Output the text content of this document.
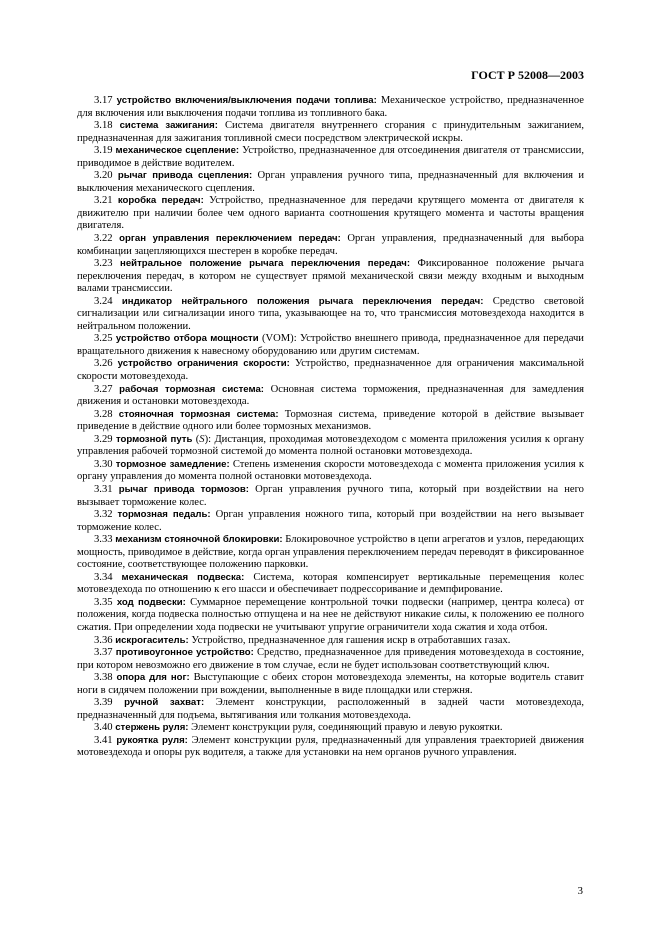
ГОСТ Р 52008—2003

3.17 устройство включения/выключения подачи топлива: Механическое устройство, предназначенное для включения или выключения подачи топлива из топливного бака.

3.18 система зажигания: Система двигателя внутреннего сгорания с принудительным зажиганием, предназначенная для зажигания топливной смеси посредством электрической искры.

3.19 механическое сцепление: Устройство, предназначенное для отсоединения двигателя от трансмиссии, приводимое в действие водителем.

3.20 рычаг привода сцепления: Орган управления ручного типа, предназначенный для включения и выключения механического сцепления.

3.21 коробка передач: Устройство, предназначенное для передачи крутящего момента от двигателя к движителю при наличии более чем одного варианта соотношения крутящего момента и частоты вращения двигателя.

3.22 орган управления переключением передач: Орган управления, предназначенный для выбора комбинации зацепляющихся шестерен в коробке передач.

3.23 нейтральное положение рычага переключения передач: Фиксированное положение рычага переключения передач, в котором не существует прямой механической связи между входным и выходным валами трансмиссии.

3.24 индикатор нейтрального положения рычага переключения передач: Средство световой сигнализации или сигнализации иного типа, указывающее на то, что трансмиссия мотовездехода находится в нейтральном положении.

3.25 устройство отбора мощности (VOM): Устройство внешнего привода, предназначенное для передачи вращательного движения к навесному оборудованию или другим системам.

3.26 устройство ограничения скорости: Устройство, предназначенное для ограничения максимальной скорости мотовездехода.

3.27 рабочая тормозная система: Основная система торможения, предназначенная для замедления движения и остановки мотовездехода.

3.28 стояночная тормозная система: Тормозная система, приведение которой в действие вызывает приведение в действие одного или более тормозных механизмов.

3.29 тормозной путь (S): Дистанция, проходимая мотовездеходом с момента приложения усилия к органу управления рабочей тормозной системой до момента полной остановки мотовездехода.

3.30 тормозное замедление: Степень изменения скорости мотовездехода с момента приложения усилия к органу управления до момента полной остановки мотовездехода.

3.31 рычаг привода тормозов: Орган управления ручного типа, который при воздействии на него вызывает торможение колес.

3.32 тормозная педаль: Орган управления ножного типа, который при воздействии на него вызывает торможение колес.

3.33 механизм стояночной блокировки: Блокировочное устройство в цепи агрегатов и узлов, передающих мощность, приводимое в действие, когда орган управления переключением передач переводят в фиксированное состояние, соответствующее положению парковки.

3.34 механическая подвеска: Система, которая компенсирует вертикальные перемещения колес мотовездехода по отношению к его шасси и обеспечивает подрессоривание и демпфирование.

3.35 ход подвески: Суммарное перемещение контрольной точки подвески (например, центра колеса) от положения, когда подвеска полностью отпущена и на нее не действуют никакие силы, к положению ее полного сжатия. При определении хода подвески не учитывают упругие ограничители хода сжатия и хода отбоя.

3.36 искрогаситель: Устройство, предназначенное для гашения искр в отработавших газах.

3.37 противоугонное устройство: Средство, предназначенное для приведения мотовездехода в состояние, при котором невозможно его движение в том случае, если не будет использован соответствующий ключ.

3.38 опора для ног: Выступающие с обеих сторон мотовездехода элементы, на которые водитель ставит ноги в сидячем положении при вождении, выполненные в виде площадки или стержня.

3.39 ручной захват: Элемент конструкции, расположенный в задней части мотовездехода, предназначенный для подъема, вытягивания или толкания мотовездехода.

3.40 стержень руля: Элемент конструкции руля, соединяющий правую и левую рукоятки.

3.41 рукоятка руля: Элемент конструкции руля, предназначенный для управления траекторией движения мотовездехода и опоры рук водителя, а также для установки на нем органов ручного управления.

3
